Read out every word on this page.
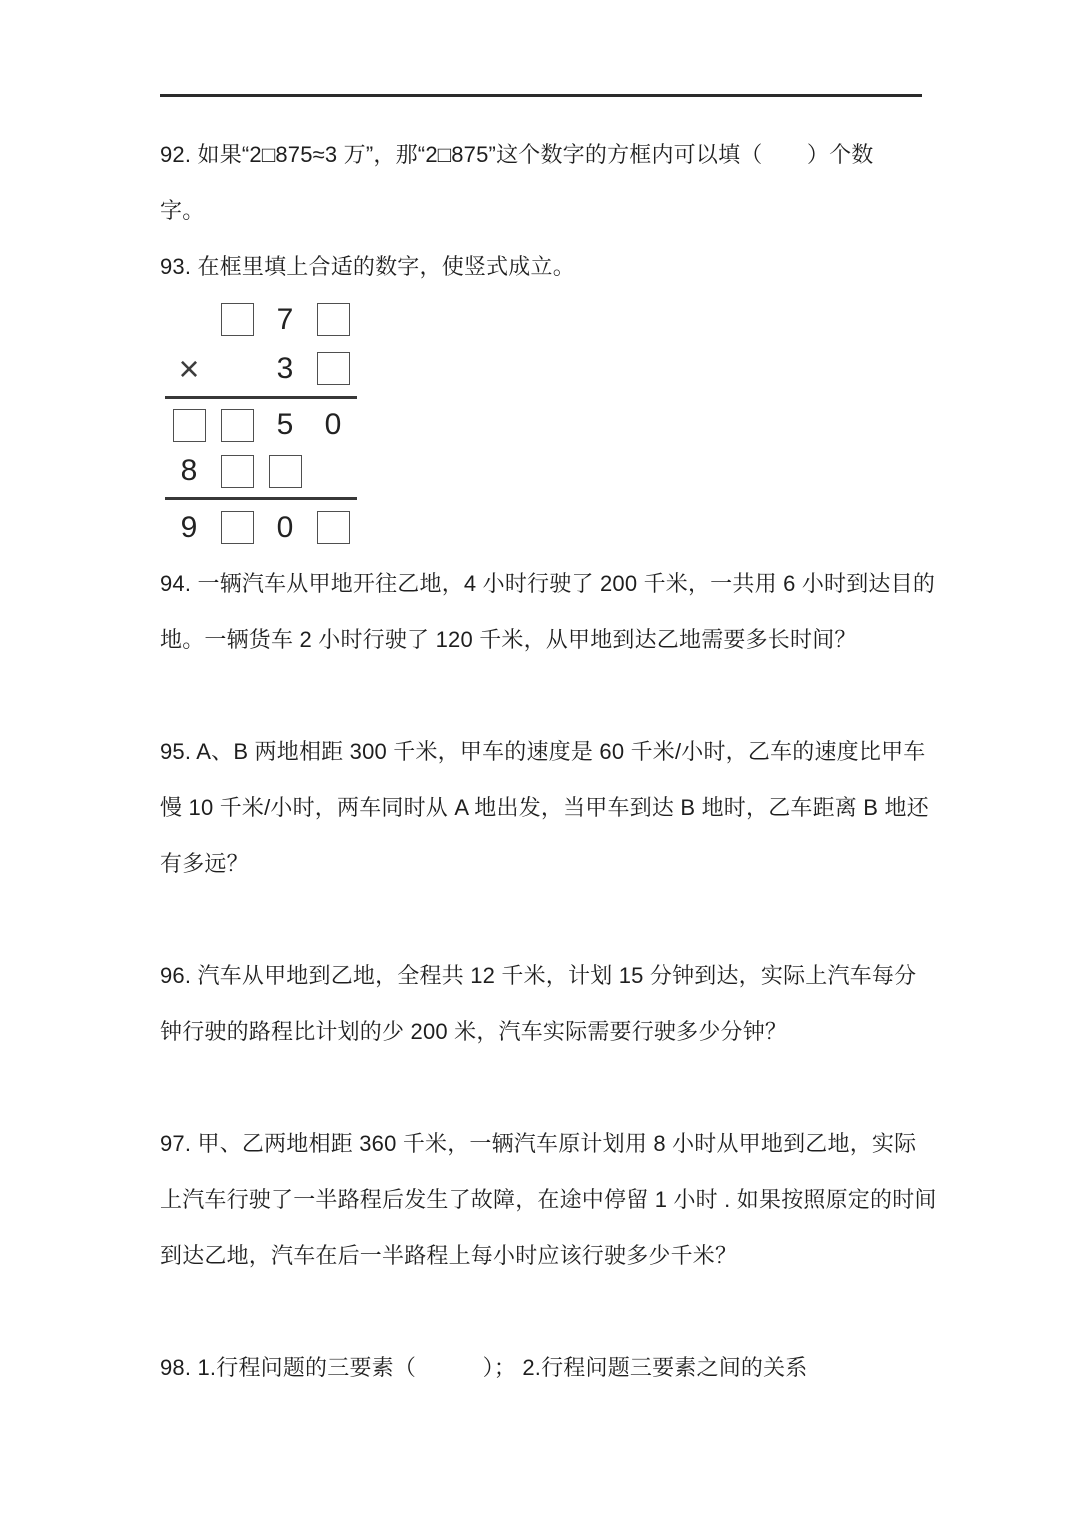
92. 如果“2□875≈3 万”，那“2□875”这个数字的方框内可以填（　　）个数
字。
93. 在框里填上合适的数字，使竖式成立。
7
×	3
5 0
8
9	0
94. 一辆汽车从甲地开往乙地，4 小时行驶了 200 千米，一共用 6 小时到达目的
地。一辆货车 2 小时行驶了 120 千米，从甲地到达乙地需要多长时间？
95. A、B 两地相距 300 千米，甲车的速度是 60 千米/小时，乙车的速度比甲车
慢 10 千米/小时，两车同时从 A 地出发，当甲车到达 B 地时，乙车距离 B 地还
有多远？
96. 汽车从甲地到乙地，全程共 12 千米，计划 15 分钟到达，实际上汽车每分
钟行驶的路程比计划的少 200 米，汽车实际需要行驶多少分钟？
97. 甲、乙两地相距 360 千米，一辆汽车原计划用 8 小时从甲地到乙地，实际
上汽车行驶了一半路程后发生了故障，在途中停留 1 小时 . 如果按照原定的时间
到达乙地，汽车在后一半路程上每小时应该行驶多少千米？
98. 1.行程问题的三要素（　　　）； 2.行程问题三要素之间的关系
